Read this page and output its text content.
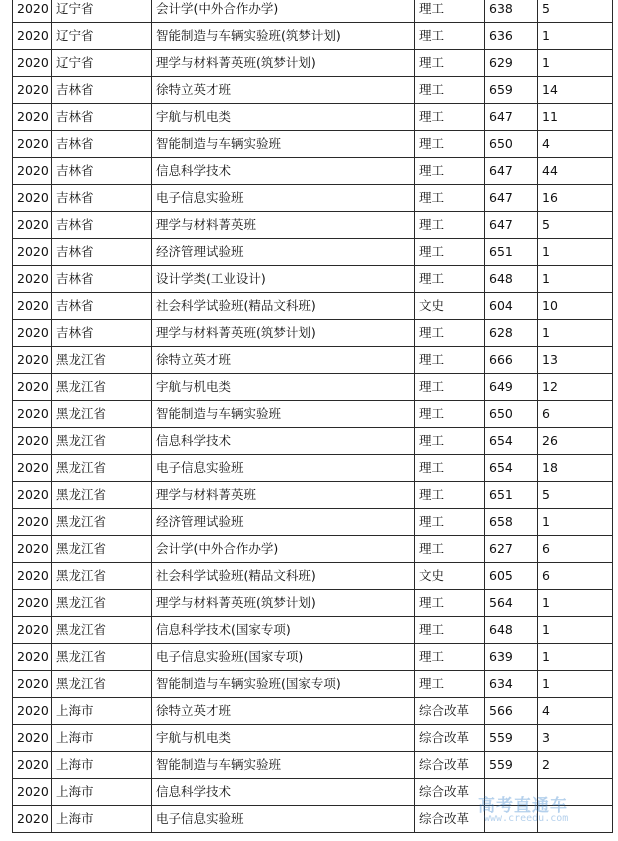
2020	辽宁省	会计学(中外合作办学)	理工	638	5
2020	辽宁省	智能制造与车辆实验班(筑梦计划)	理工	636	1
2020	辽宁省	理学与材料菁英班(筑梦计划)	理工	629	1
2020	吉林省	徐特立英才班	理工	659	14
2020	吉林省	宇航与机电类	理工	647	11
2020	吉林省	智能制造与车辆实验班	理工	650	4
2020	吉林省	信息科学技术	理工	647	44
2020	吉林省	电子信息实验班	理工	647	16
2020	吉林省	理学与材料菁英班	理工	647	5
2020	吉林省	经济管理试验班	理工	651	1
2020	吉林省	设计学类(工业设计)	理工	648	1
2020	吉林省	社会科学试验班(精品文科班)	文史	604	10
2020	吉林省	理学与材料菁英班(筑梦计划)	理工	628	1
2020	黑龙江省	徐特立英才班	理工	666	13
2020	黑龙江省	宇航与机电类	理工	649	12
2020	黑龙江省	智能制造与车辆实验班	理工	650	6
2020	黑龙江省	信息科学技术	理工	654	26
2020	黑龙江省	电子信息实验班	理工	654	18
2020	黑龙江省	理学与材料菁英班	理工	651	5
2020	黑龙江省	经济管理试验班	理工	658	1
2020	黑龙江省	会计学(中外合作办学)	理工	627	6
2020	黑龙江省	社会科学试验班(精品文科班)	文史	605	6
2020	黑龙江省	理学与材料菁英班(筑梦计划)	理工	564	1
2020	黑龙江省	信息科学技术(国家专项)	理工	648	1
2020	黑龙江省	电子信息实验班(国家专项)	理工	639	1
2020	黑龙江省	智能制造与车辆实验班(国家专项)	理工	634	1
2020	上海市	徐特立英才班	综合改革	566	4
2020	上海市	宇航与机电类	综合改革	559	3
2020	上海市	智能制造与车辆实验班	综合改革	559	2
2020	上海市	信息科学技术	综合改革		
2020	上海市	电子信息实验班	综合改革		
高考直通车
www.creedu.com
